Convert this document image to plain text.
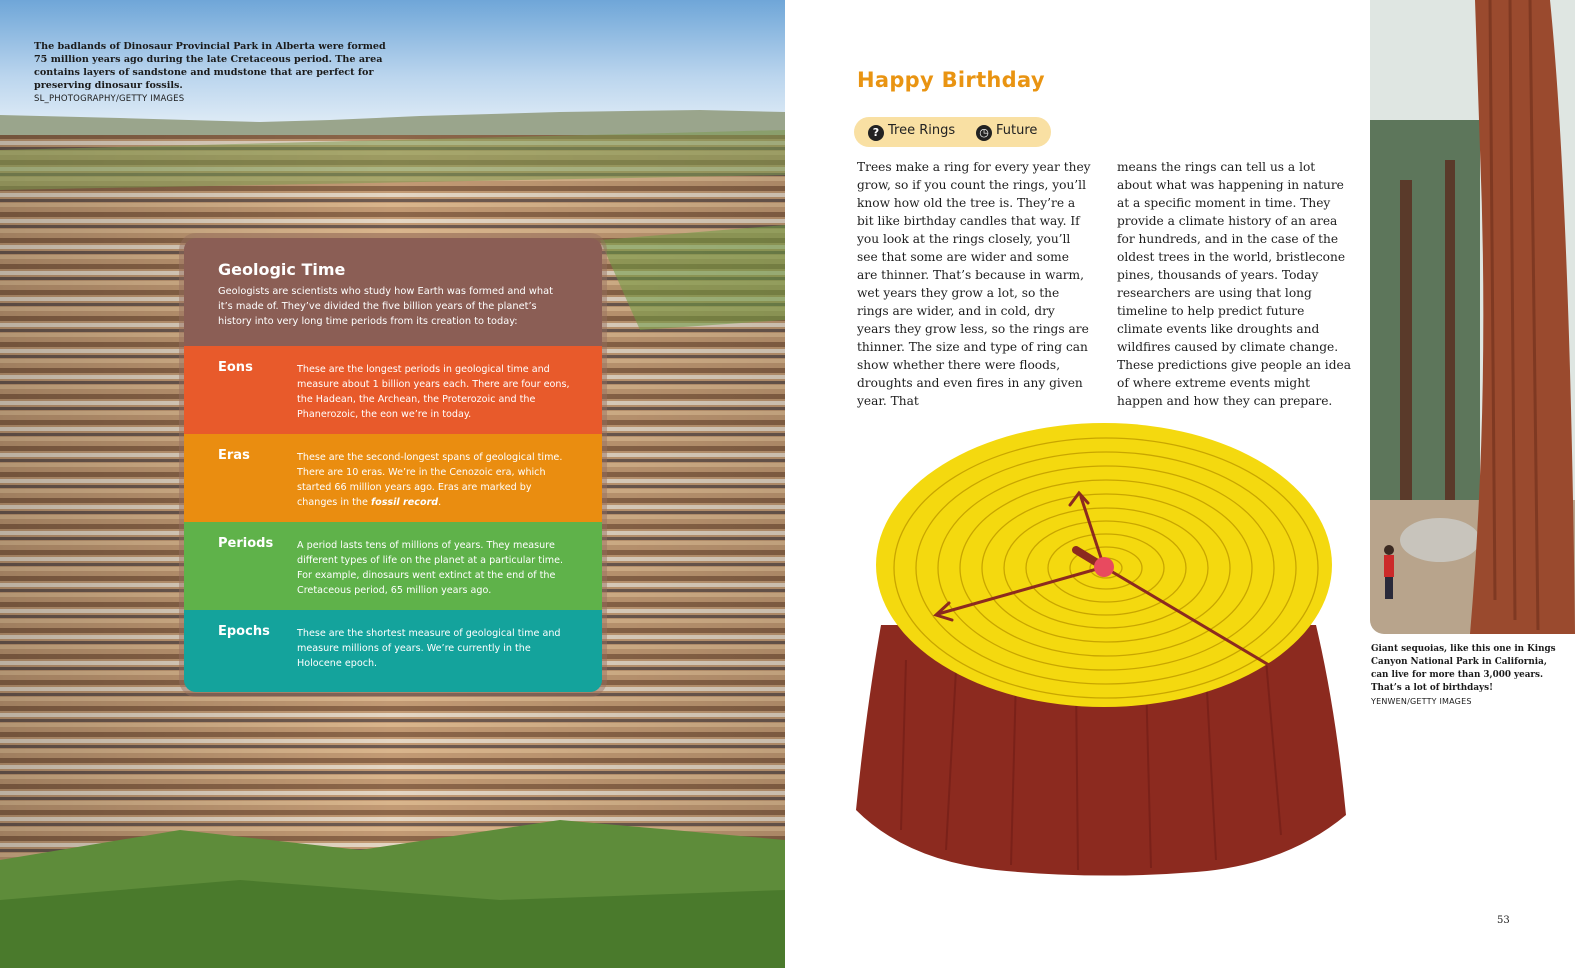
The badlands of Dinosaur Provincial Park in Alberta were formed 75 million years ago during the late Cretaceous period. The area contains layers of sandstone and mudstone that are perfect for preserving dinosaur fossils.
SL_PHOTOGRAPHY/GETTY IMAGES
Geologic Time
Geologists are scientists who study how Earth was formed and what it’s made of. They’ve divided the five billion years of the planet’s history into very long time periods from its creation to today:
Eons	These are the longest periods in geological time and measure about 1 billion years each. There are four eons, the Hadean, the Archean, the Proterozoic and the Phanerozoic, the eon we’re in today.
Eras	These are the second-longest spans of geological time. There are 10 eras. We’re in the Cenozoic era, which started 66 million years ago. Eras are marked by changes in the fossil record.
Periods A period lasts tens of millions of years. They measure different types of life on the planet at a particular time. For example, dinosaurs went extinct at the end of the Cretaceous period, 65 million years ago.
Epochs	These are the shortest measure of geological time and measure millions of years. We’re currently in the Holocene epoch.
Happy Birthday
? Tree Rings ◷ Future
Trees make a ring for every year they grow, so if you count the rings, you’ll know how old the tree is. They’re a bit like birthday candles that way. If you look at the rings closely, you’ll see that some are wider and some are thinner. That’s because in warm, wet years they grow a lot, so the rings are wider, and in cold, dry years they grow less, so the rings are thinner. The size and type of ring can show whether there were floods, droughts and even fires in any given year. That
means the rings can tell us a lot about what was happening in nature at a specific moment in time. They provide a climate history of an area for hundreds, and in the case of the oldest trees in the world, bristlecone pines, thousands of years. Today researchers are using that long timeline to help predict future climate events like droughts and wildfires caused by climate change. These predictions give people an idea of where extreme events might happen and how they can prepare.
Giant sequoias, like this one in Kings Canyon National Park in California, can live for more than 3,000 years. That’s a lot of birthdays!
YENWEN/GETTY IMAGES
53
